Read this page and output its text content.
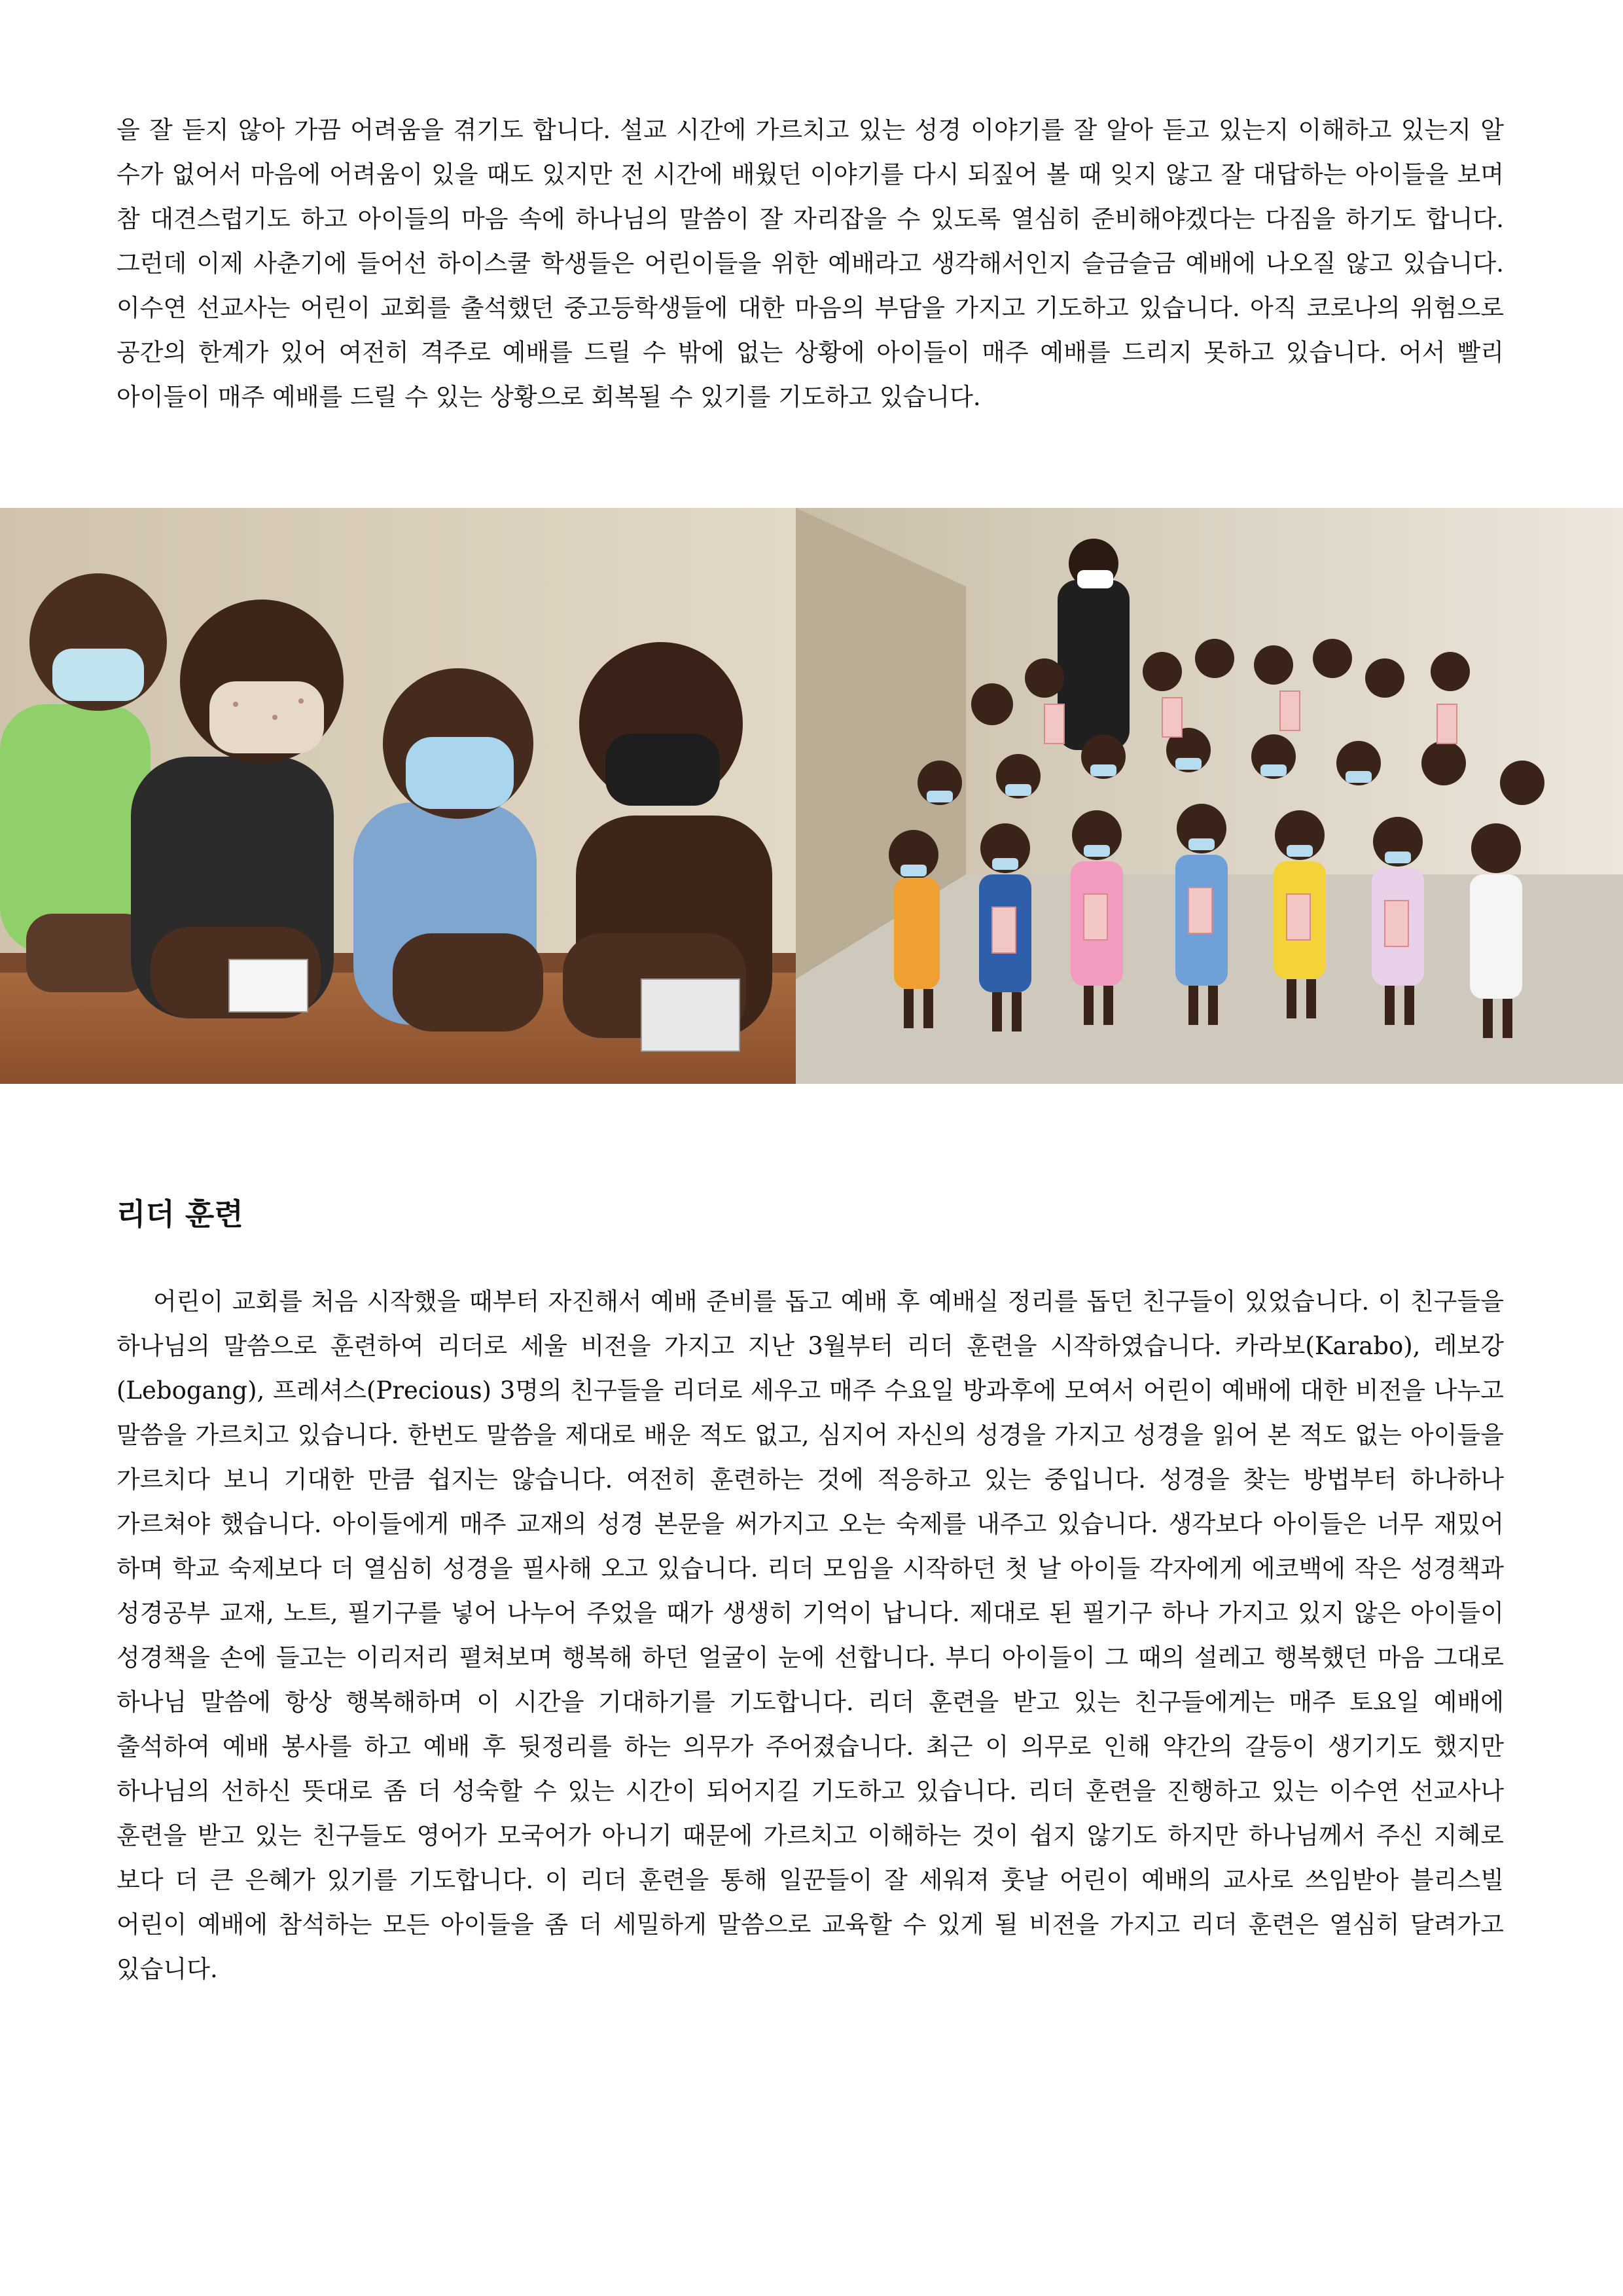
을 잘 듣지 않아 가끔 어려움을 겪기도 합니다. 설교 시간에 가르치고 있는 성경 이야기를 잘 알아 듣고 있는지 이해하고 있는지 알 수가 없어서 마음에 어려움이 있을 때도 있지만 전 시간에 배웠던 이야기를 다시 되짚어 볼 때 잊지 않고 잘 대답하는 아이들을 보며 참 대견스럽기도 하고 아이들의 마음 속에 하나님의 말씀이 잘 자리잡을 수 있도록 열심히 준비해야겠다는 다짐을 하기도 합니다. 그런데 이제 사춘기에 들어선 하이스쿨 학생들은 어린이들을 위한 예배라고 생각해서인지 슬금슬금 예배에 나오질 않고 있습니다. 이수연 선교사는 어린이 교회를 출석했던 중고등학생들에 대한 마음의 부담을 가지고 기도하고 있습니다. 아직 코로나의 위험으로 공간의 한계가 있어 여전히 격주로 예배를 드릴 수 밖에 없는 상황에 아이들이 매주 예배를 드리지 못하고 있습니다. 어서 빨리 아이들이 매주 예배를 드릴 수 있는 상황으로 회복될 수 있기를 기도하고 있습니다.

리더 훈련

어린이 교회를 처음 시작했을 때부터 자진해서 예배 준비를 돕고 예배 후 예배실 정리를 돕던 친구들이 있었습니다. 이 친구들을 하나님의 말씀으로 훈련하여 리더로 세울 비전을 가지고 지난 3월부터 리더 훈련을 시작하였습니다. 카라보(Karabo), 레보강(Lebogang), 프레셔스(Precious) 3명의 친구들을 리더로 세우고 매주 수요일 방과후에 모여서 어린이 예배에 대한 비전을 나누고 말씀을 가르치고 있습니다. 한번도 말씀을 제대로 배운 적도 없고, 심지어 자신의 성경을 가지고 성경을 읽어 본 적도 없는 아이들을 가르치다 보니 기대한 만큼 쉽지는 않습니다. 여전히 훈련하는 것에 적응하고 있는 중입니다. 성경을 찾는 방법부터 하나하나 가르쳐야 했습니다. 아이들에게 매주 교재의 성경 본문을 써가지고 오는 숙제를 내주고 있습니다. 생각보다 아이들은 너무 재밌어 하며 학교 숙제보다 더 열심히 성경을 필사해 오고 있습니다. 리더 모임을 시작하던 첫 날 아이들 각자에게 에코백에 작은 성경책과 성경공부 교재, 노트, 필기구를 넣어 나누어 주었을 때가 생생히 기억이 납니다. 제대로 된 필기구 하나 가지고 있지 않은 아이들이 성경책을 손에 들고는 이리저리 펼쳐보며 행복해 하던 얼굴이 눈에 선합니다. 부디 아이들이 그 때의 설레고 행복했던 마음 그대로 하나님 말씀에 항상 행복해하며 이 시간을 기대하기를 기도합니다. 리더 훈련을 받고 있는 친구들에게는 매주 토요일 예배에 출석하여 예배 봉사를 하고 예배 후 뒷정리를 하는 의무가 주어졌습니다. 최근 이 의무로 인해 약간의 갈등이 생기기도 했지만 하나님의 선하신 뜻대로 좀 더 성숙할 수 있는 시간이 되어지길 기도하고 있습니다. 리더 훈련을 진행하고 있는 이수연 선교사나 훈련을 받고 있는 친구들도 영어가 모국어가 아니기 때문에 가르치고 이해하는 것이 쉽지 않기도 하지만 하나님께서 주신 지혜로 보다 더 큰 은혜가 있기를 기도합니다. 이 리더 훈련을 통해 일꾼들이 잘 세워져 훗날 어린이 예배의 교사로 쓰임받아 블리스빌 어린이 예배에 참석하는 모든 아이들을 좀 더 세밀하게 말씀으로 교육할 수 있게 될 비전을 가지고 리더 훈련은 열심히 달려가고 있습니다.
